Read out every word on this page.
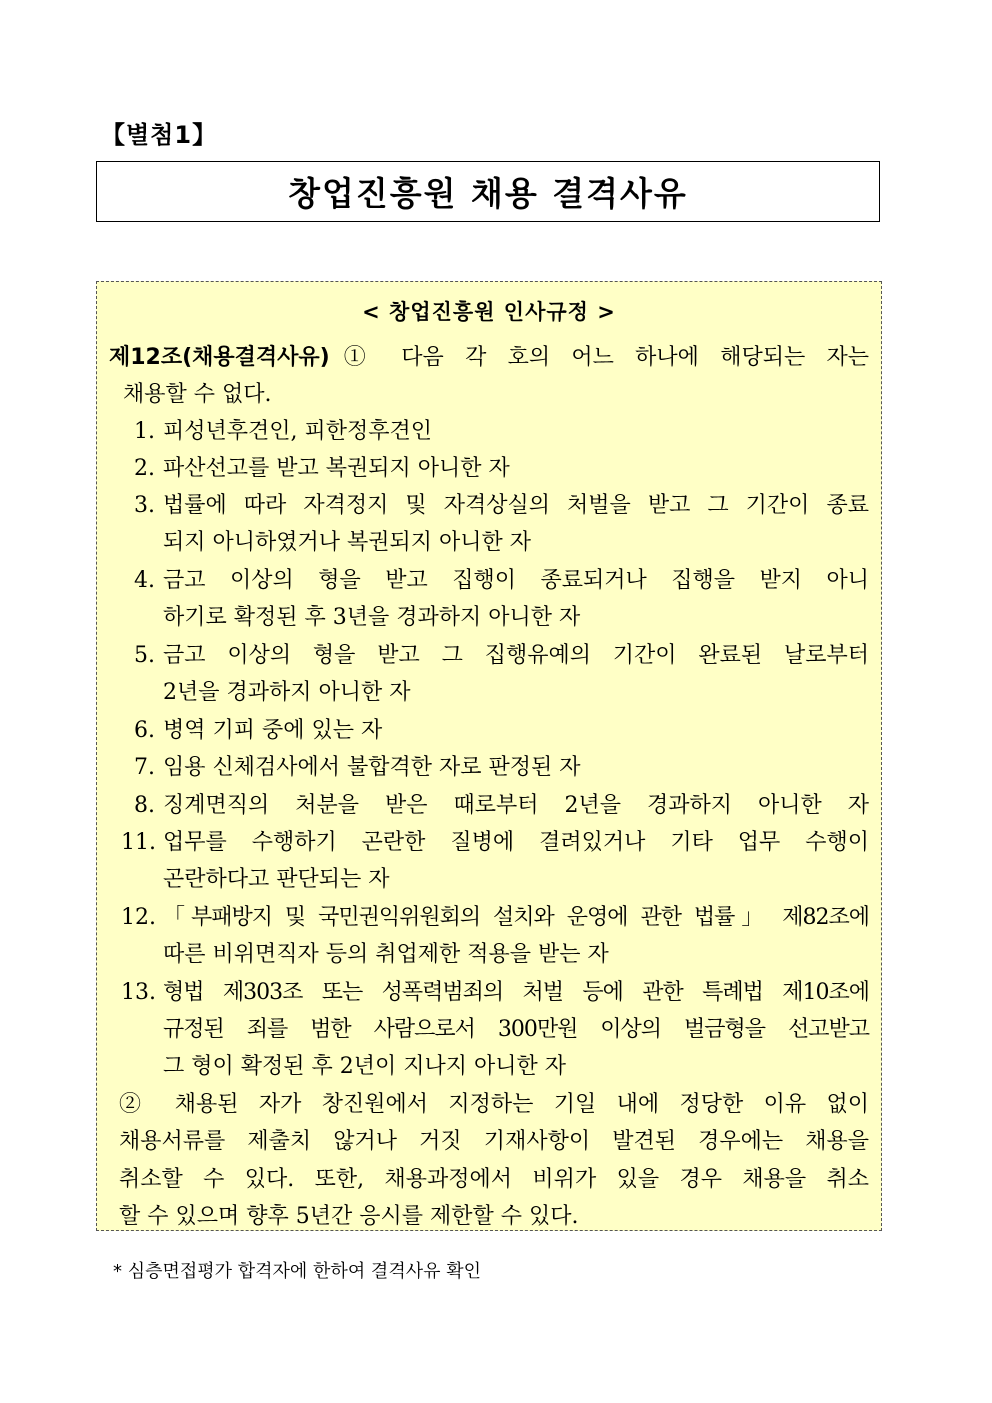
【별첨1】
창업진흥원 채용 결격사유
< 창업진흥원 인사규정 >
제12조(채용결격사유) ① 다음 각 호의 어느 하나에 해당되는 자는
채용할 수 없다.
1. 피성년후견인, 피한정후견인
2. 파산선고를 받고 복권되지 아니한 자
3. 법률에 따라 자격정지 및 자격상실의 처벌을 받고 그 기간이 종료
되지 아니하였거나 복권되지 아니한 자
4. 금고 이상의 형을 받고 집행이 종료되거나 집행을 받지 아니
하기로 확정된 후 3년을 경과하지 아니한 자
5. 금고 이상의 형을 받고 그 집행유예의 기간이 완료된 날로부터
2년을 경과하지 아니한 자
6. 병역 기피 중에 있는 자
7. 임용 신체검사에서 불합격한 자로 판정된 자
8. 징계면직의 처분을 받은 때로부터 2년을 경과하지 아니한 자
11. 업무를 수행하기 곤란한 질병에 결려있거나 기타 업무 수행이
곤란하다고 판단되는 자
12. 「부패방지 및 국민권익위원회의 설치와 운영에 관한 법률」 제82조에
따른 비위면직자 등의 취업제한 적용을 받는 자
13. 형법 제303조 또는 성폭력범죄의 처벌 등에 관한 특례법 제10조에
규정된 죄를 범한 사람으로서 300만원 이상의 벌금형을 선고받고
그 형이 확정된 후 2년이 지나지 아니한 자
② 채용된 자가 창진원에서 지정하는 기일 내에 정당한 이유 없이
채용서류를 제출치 않거나 거짓 기재사항이 발견된 경우에는 채용을
취소할 수 있다. 또한, 채용과정에서 비위가 있을 경우 채용을 취소
할 수 있으며 향후 5년간 응시를 제한할 수 있다.
* 심층면접평가 합격자에 한하여 결격사유 확인
